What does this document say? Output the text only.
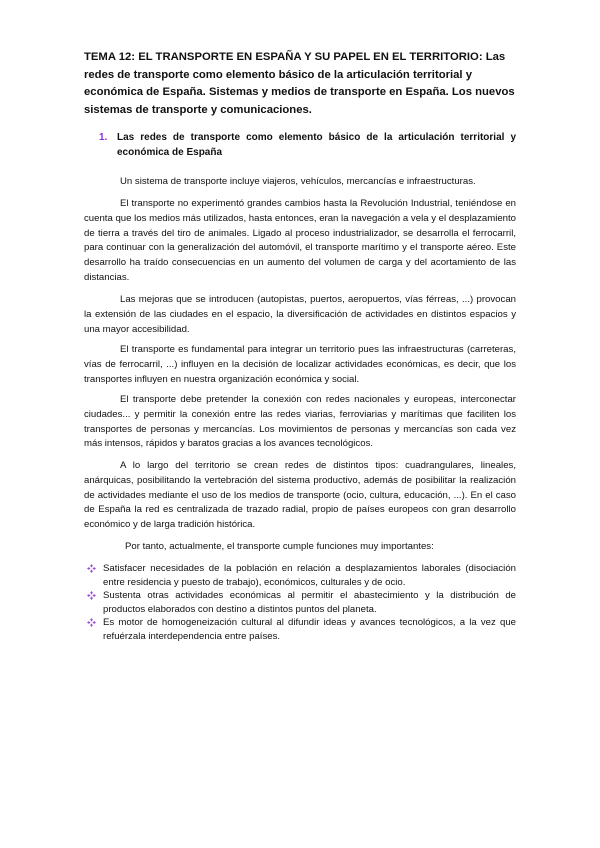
TEMA 12: EL TRANSPORTE EN ESPAÑA Y SU PAPEL EN EL TERRITORIO: Las redes de transporte como elemento básico de la articulación territorial y económica de España. Sistemas y medios de transporte en España. Los nuevos sistemas de transporte y comunicaciones.
1. Las redes de transporte como elemento básico de la articulación territorial y económica de España
Un sistema de transporte incluye viajeros, vehículos, mercancías e infraestructuras.
El transporte no experimentó grandes cambios hasta la Revolución Industrial, teniéndose en cuenta que los medios más utilizados, hasta entonces, eran la navegación a vela y el desplazamiento de tierra a través del tiro de animales. Ligado al proceso industrializador, se desarrolla el ferrocarril, para continuar con la generalización del automóvil, el transporte marítimo y el transporte aéreo. Este desarrollo ha traído consecuencias en un aumento del volumen de carga y del acortamiento de las distancias.
Las mejoras que se introducen (autopistas, puertos, aeropuertos, vías férreas, ...) provocan la extensión de las ciudades en el espacio, la diversificación de actividades en distintos espacios y una mayor accesibilidad.
El transporte es fundamental para integrar un territorio pues las infraestructuras (carreteras, vías de ferrocarril, ...) influyen en la decisión de localizar actividades económicas, es decir, que los transportes influyen en nuestra organización económica y social.
El transporte debe pretender la conexión con redes nacionales y europeas, interconectar ciudades... y permitir la conexión entre las redes viarias, ferroviarias y marítimas que faciliten los transportes de personas y mercancías. Los movimientos de personas y mercancías son cada vez más intensos, rápidos y baratos gracias a los avances tecnológicos.
A lo largo del territorio se crean redes de distintos tipos: cuadrangulares, lineales, anárquicas, posibilitando la vertebración del sistema productivo, además de posibilitar la realización de actividades mediante el uso de los medios de transporte (ocio, cultura, educación, ...). En el caso de España la red es centralizada de trazado radial, propio de países europeos con gran desarrollo económico y de larga tradición histórica.
Por tanto, actualmente, el transporte cumple funciones muy importantes:
Satisfacer necesidades de la población en relación a desplazamientos laborales (disociación entre residencia y puesto de trabajo), económicos, culturales y de ocio.
Sustenta otras actividades económicas al permitir el abastecimiento y la distribución de productos elaborados con destino a distintos puntos del planeta.
Es motor de homogeneización cultural al difundir ideas y avances tecnológicos, a la vez que refuérzala interdependencia entre países.
